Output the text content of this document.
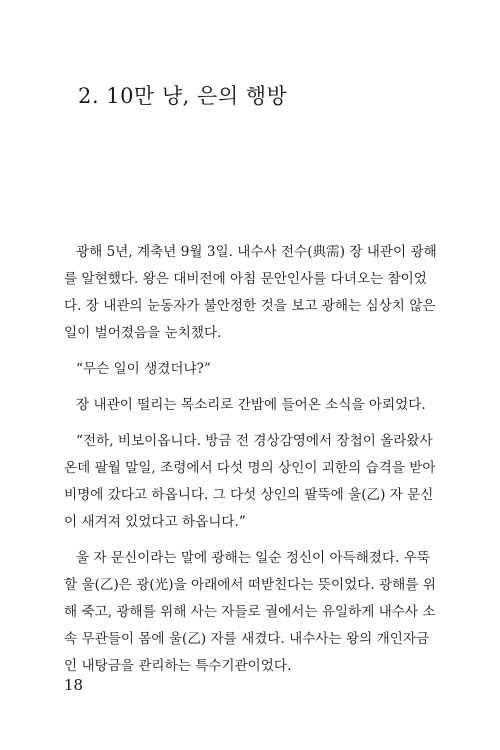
2. 10만 냥, 은의 행방

광해 5년, 계축년 9월 3일. 내수사 전수(典需) 장 내관이 광해를 알현했다. 왕은 대비전에 아침 문안인사를 다녀오는 참이었다. 장 내관의 눈동자가 불안정한 것을 보고 광해는 심상치 않은 일이 벌어졌음을 눈치챘다.

“무슨 일이 생겼더냐?”

장 내관이 떨리는 목소리로 간밤에 들어온 소식을 아뢰었다.

“전하, 비보이옵니다. 방금 전 경상감영에서 장첩이 올라왔사온데 팔월 말일, 조령에서 다섯 명의 상인이 괴한의 습격을 받아 비명에 갔다고 하옵니다. 그 다섯 상인의 팔뚝에 울(乙) 자 문신이 새겨져 있었다고 하옵니다.”

울 자 문신이라는 말에 광해는 일순 정신이 아득해졌다. 우뚝할 울(乙)은 광(光)을 아래에서 떠받친다는 뜻이었다. 광해를 위해 죽고, 광해를 위해 사는 자들로 궐에서는 유일하게 내수사 소속 무관들이 몸에 울(乙) 자를 새겼다. 내수사는 왕의 개인자금인 내탕금을 관리하는 특수기관이었다.

18
